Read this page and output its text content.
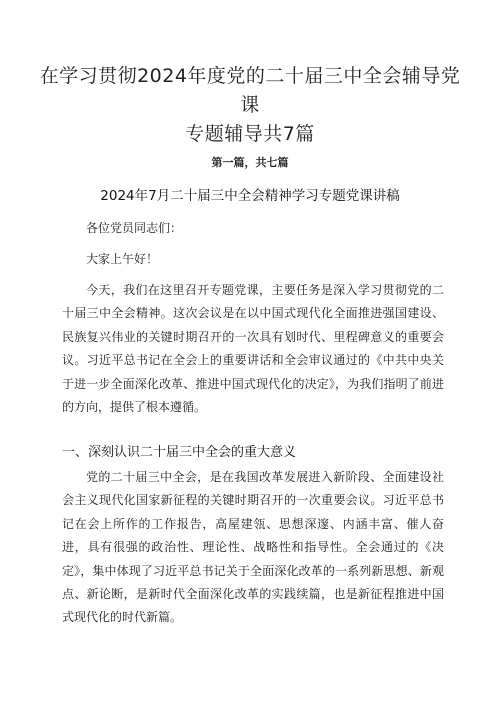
在学习贯彻2024年度党的二十届三中全会辅导党课
专题辅导共7篇
第一篇，共七篇
2024年7月二十届三中全会精神学习专题党课讲稿

各位党员同志们：

大家上午好！

今天，我们在这里召开专题党课，主要任务是深入学习贯彻党的二十届三中全会精神。这次会议是在以中国式现代化全面推进强国建设、民族复兴伟业的关键时期召开的一次具有划时代、里程碑意义的重要会议。习近平总书记在全会上的重要讲话和全会审议通过的《中共中央关于进一步全面深化改革、推进中国式现代化的决定》，为我们指明了前进的方向，提供了根本遵循。

一、深刻认识二十届三中全会的重大意义

党的二十届三中全会，是在我国改革发展进入新阶段、全面建设社会主义现代化国家新征程的关键时期召开的一次重要会议。习近平总书记在会上所作的工作报告，高屋建瓴、思想深邃、内涵丰富、催人奋进，具有很强的政治性、理论性、战略性和指导性。全会通过的《决定》，集中体现了习近平总书记关于全面深化改革的一系列新思想、新观点、新论断，是新时代全面深化改革的实践续篇，也是新征程推进中国式现代化的时代新篇。
